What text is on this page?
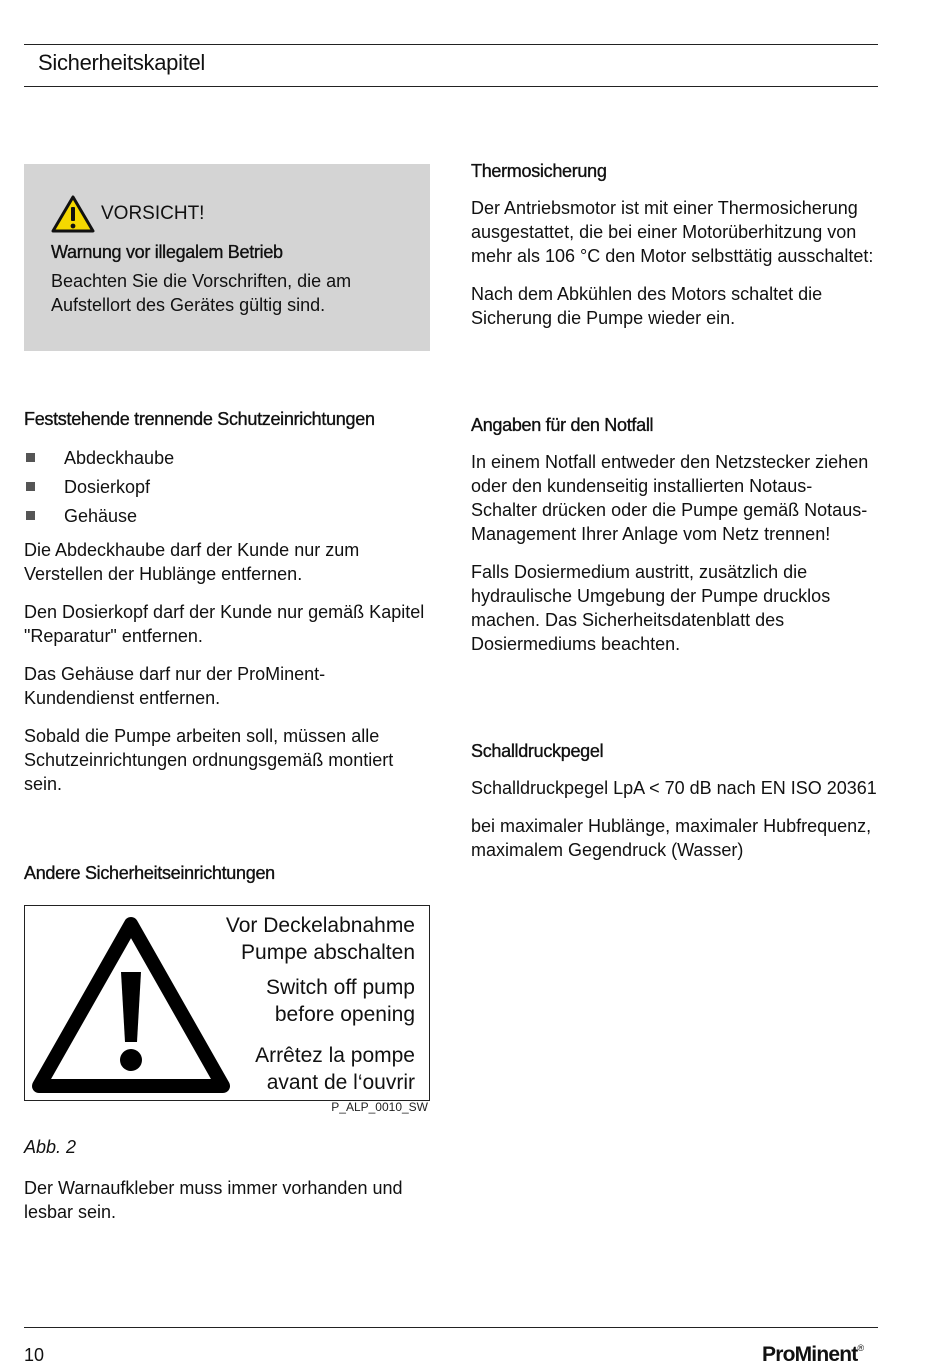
Sicherheitskapitel
VORSICHT!
Warnung vor illegalem Betrieb

Beachten Sie die Vorschriften, die am Aufstellort des Gerätes gültig sind.

Feststehende trennende Schutzeinrichtungen
Abdeckhaube
Dosierkopf
Gehäuse

Die Abdeckhaube darf der Kunde nur zum Verstellen der Hublänge entfernen.

Den Dosierkopf darf der Kunde nur gemäß Kapitel "Reparatur" entfernen.

Das Gehäuse darf nur der ProMinent-Kundendienst entfernen.

Sobald die Pumpe arbeiten soll, müssen alle Schutzeinrichtungen ordnungsgemäß montiert sein.

Andere Sicherheitseinrichtungen
Vor Deckelabnahme
Pumpe abschalten
Switch off pump
before opening
Arrêtez la pompe
avant de l‘ouvrir
P_ALP_0010_SW
Abb. 2

Der Warnaufkleber muss immer vorhanden und lesbar sein.

Thermosicherung

Der Antriebsmotor ist mit einer Thermosicherung ausgestattet, die bei einer Motorüberhitzung von mehr als 106 °C den Motor selbsttätig ausschaltet:

Nach dem Abkühlen des Motors schaltet die Sicherung die Pumpe wieder ein.

Angaben für den Notfall

In einem Notfall entweder den Netzstecker ziehen oder den kundenseitig installierten Notaus-Schalter drücken oder die Pumpe gemäß Notaus-Management Ihrer Anlage vom Netz trennen!

Falls Dosiermedium austritt, zusätzlich die hydraulische Umgebung der Pumpe drucklos machen. Das Sicherheitsdatenblatt des Dosiermediums beachten.

Schalldruckpegel

Schalldruckpegel LpA < 70 dB nach EN ISO 20361

bei maximaler Hublänge, maximaler Hubfrequenz, maximalem Gegendruck (Wasser)

10	ProMinent®
